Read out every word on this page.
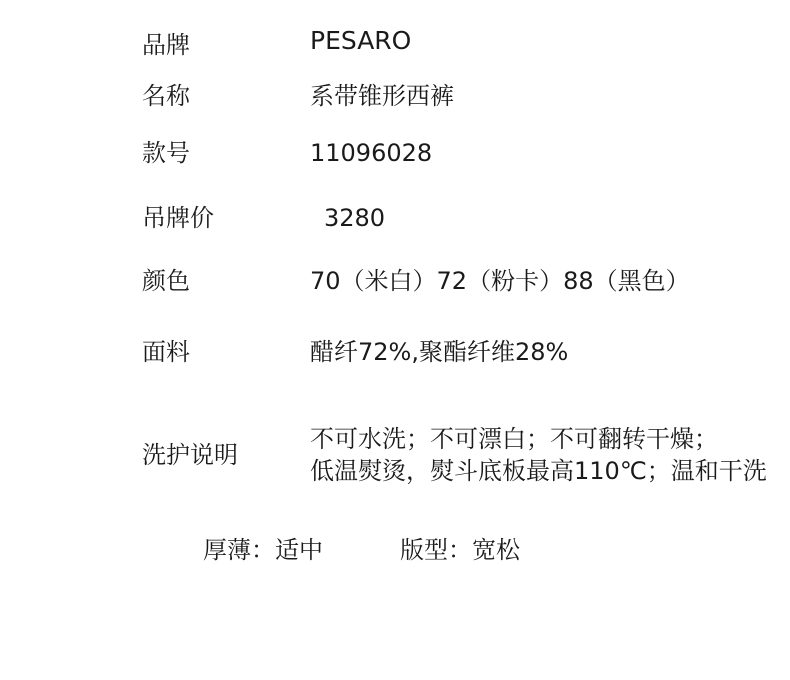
品牌	PESARO
名称	系带锥形西裤
款号	11096028
吊牌价	3280
颜色	70（米白）72（粉卡）88（黑色）
面料	醋纤72%,聚酯纤维28%
洗护说明
不可水洗；不可漂白；不可翻转干燥；
低温熨烫，熨斗底板最高110℃；温和干洗
厚薄：适中	版型：宽松
